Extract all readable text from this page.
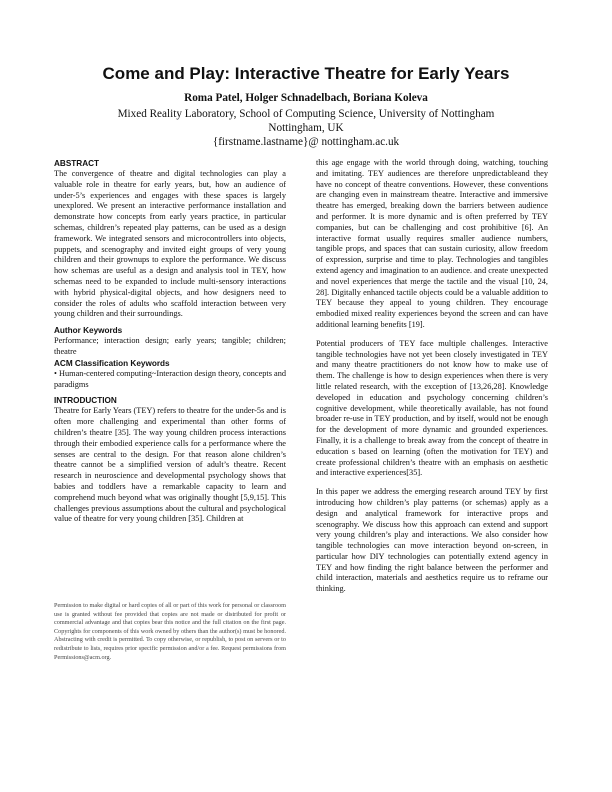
Come and Play: Interactive Theatre for Early Years
Roma Patel, Holger Schnadelbach, Boriana Koleva
Mixed Reality Laboratory, School of Computing Science, University of Nottingham
Nottingham, UK
{firstname.lastname}@ nottingham.ac.uk
ABSTRACT

The convergence of theatre and digital technologies can play a valuable role in theatre for early years, but, how an audience of under-5’s experiences and engages with these spaces is largely unexplored. We present an interactive performance installation and demonstrate how concepts from early years practice, in particular schemas, children’s repeated play patterns, can be used as a design framework. We integrated sensors and microcontrollers into objects, puppets, and scenography and invited eight groups of very young children and their grownups to explore the performance. We discuss how schemas are useful as a design and analysis tool in TEY, how schemas need to be expanded to include multi-sensory interactions with hybrid physical-digital objects, and how designers need to consider the roles of adults who scaffold interaction between very young children and their surroundings.

Author Keywords

Performance; interaction design; early years; tangible; children; theatre

ACM Classification Keywords

• Human-centered computing~Interaction design theory, concepts and paradigms

INTRODUCTION

Theatre for Early Years (TEY) refers to theatre for the under-5s and is often more challenging and experimental than other forms of children’s theatre [35]. The way young children process interactions through their embodied experience calls for a performance where the senses are central to the design. For that reason alone children’s theatre cannot be a simplified version of adult’s theatre. Recent research in neuroscience and developmental psychology shows that babies and toddlers have a remarkable capacity to learn and comprehend much beyond what was originally thought [5,9,15]. This challenges previous assumptions about the cultural and psychological value of theatre for very young children [35]. Children at

Permission to make digital or hard copies of all or part of this work for personal or classroom use is granted without fee provided that copies are not made or distributed for profit or commercial advantage and that copies bear this notice and the full citation on the first page. Copyrights for components of this work owned by others than the author(s) must be honored. Abstracting with credit is permitted. To copy otherwise, or republish, to post on servers or to redistribute to lists, requires prior specific permission and/or a fee. Request permissions from Permissions@acm.org.

this age engage with the world through doing, watching, touching and imitating. TEY audiences are therefore unpredictableand they have no concept of theatre conventions. However, these conventions are changing even in mainstream theatre. Interactive and immersive theatre has emerged, breaking down the barriers between audience and performer. It is more dynamic and is often preferred by TEY companies, but can be challenging and cost prohibitive [6]. An interactive format usually requires smaller audience numbers, tangible props, and spaces that can sustain curiosity, allow freedom of expression, surprise and time to play. Technologies and tangibles extend agency and imagination to an audience. and create unexpected and novel experiences that merge the tactile and the visual [10, 24, 28]. Digitally enhanced tactile objects could be a valuable addition to TEY because they appeal to young children. They encourage embodied mixed reality experiences beyond the screen and can have additional learning benefits [19].

Potential producers of TEY face multiple challenges. Interactive tangible technologies have not yet been closely investigated in TEY and many theatre practitioners do not know how to make use of them. The challenge is how to design experiences when there is very little related research, with the exception of [13,26,28]. Knowledge developed in education and psychology concerning children’s cognitive development, while theoretically available, has not found broader re-use in TEY production, and by itself, would not be enough for the development of more dynamic and grounded experiences. Finally, it is a challenge to break away from the concept of theatre in education s based on learning (often the motivation for TEY) and create professional children’s theatre with an emphasis on aesthetic and interactive experiences[35].

In this paper we address the emerging research around TEY by first introducing how children’s play patterns (or schemas) apply as a design and analytical framework for interactive props and scenography. We discuss how this approach can extend and support very young children’s play and interactions. We also consider how tangible technologies can move interaction beyond on-screen, in particular how DIY technologies can potentially extend agency in TEY and how finding the right balance between the performer and child interaction, materials and aesthetics require us to reframe our thinking.
